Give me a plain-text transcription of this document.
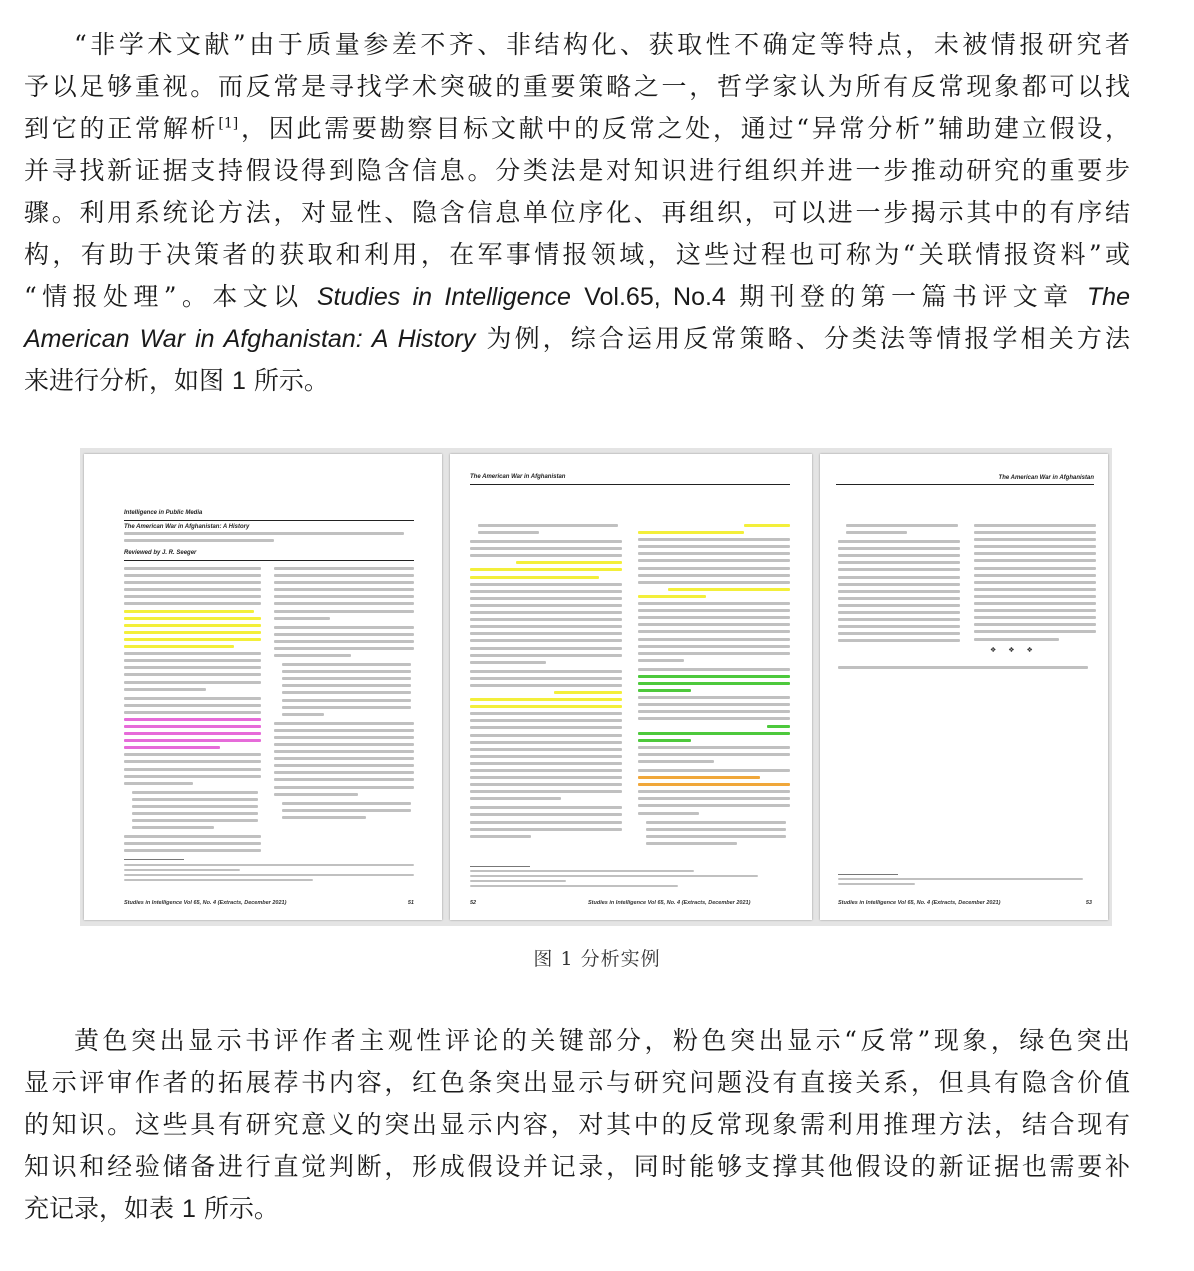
“非学术文献”由于质量参差不齐、非结构化、获取性不确定等特点，未被情报研究者
予以足够重视。而反常是寻找学术突破的重要策略之一，哲学家认为所有反常现象都可以找
到它的正常解析[1]，因此需要勘察目标文献中的反常之处，通过“异常分析”辅助建立假设，
并寻找新证据支持假设得到隐含信息。分类法是对知识进行组织并进一步推动研究的重要步
骤。利用系统论方法，对显性、隐含信息单位序化、再组织，可以进一步揭示其中的有序结
构，有助于决策者的获取和利用，在军事情报领域，这些过程也可称为“关联情报资料”或
“情报处理”。本文以 Studies in Intelligence Vol.65, No.4 期刊登的第一篇书评文章 The
American War in Afghanistan: A History 为例，综合运用反常策略、分类法等情报学相关方法
来进行分析，如图 1 所示。
Intelligence in Public Media
The American War in Afghanistan: A History
Reviewed by J. R. Seeger
Studies in Intelligence Vol 65, No. 4 (Extracts, December 2021)	51
The American War in Afghanistan
52	Studies in Intelligence Vol 65, No. 4 (Extracts, December 2021)
The American War in Afghanistan
❖ ❖ ❖
Studies in Intelligence Vol 65, No. 4 (Extracts, December 2021)	53
图 1 分析实例
黄色突出显示书评作者主观性评论的关键部分，粉色突出显示“反常”现象，绿色突出
显示评审作者的拓展荐书内容，红色条突出显示与研究问题没有直接关系，但具有隐含价值
的知识。这些具有研究意义的突出显示内容，对其中的反常现象需利用推理方法，结合现有
知识和经验储备进行直觉判断，形成假设并记录，同时能够支撑其他假设的新证据也需要补
充记录，如表 1 所示。
